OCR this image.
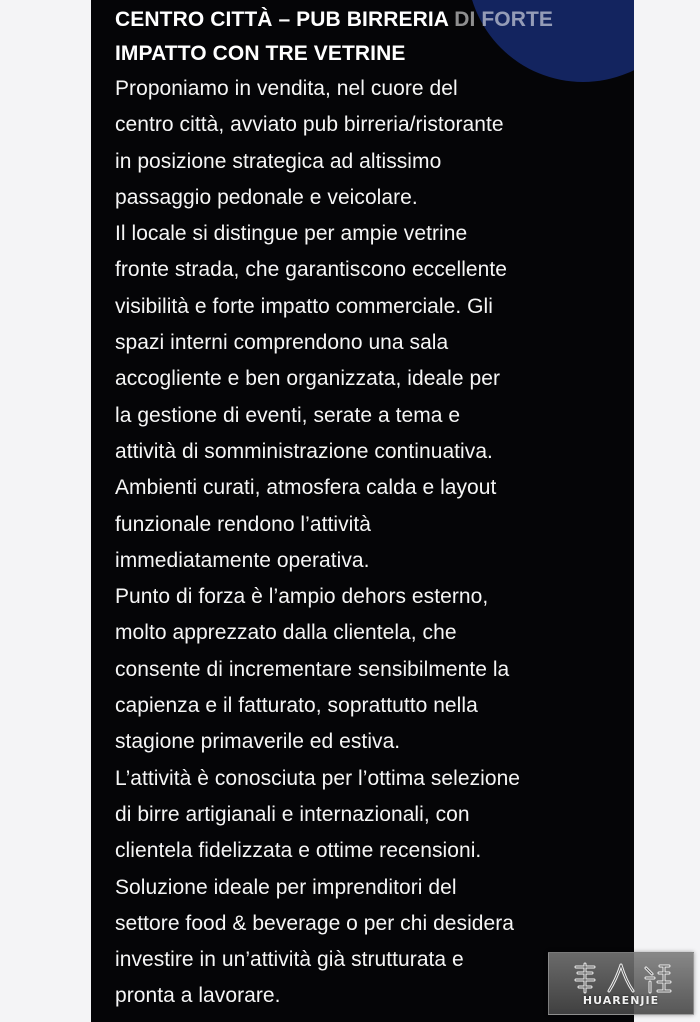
CENTRO CITTÀ – PUB BIRRERIA DI FORTE
IMPATTO CON TRE VETRINE

Proponiamo in vendita, nel cuore del
centro città, avviato pub birreria/ristorante
in posizione strategica ad altissimo
passaggio pedonale e veicolare.
Il locale si distingue per ampie vetrine
fronte strada, che garantiscono eccellente
visibilità e forte impatto commerciale. Gli
spazi interni comprendono una sala
accogliente e ben organizzata, ideale per
la gestione di eventi, serate a tema e
attività di somministrazione continuativa.
Ambienti curati, atmosfera calda e layout
funzionale rendono l’attività
immediatamente operativa.
Punto di forza è l’ampio dehors esterno,
molto apprezzato dalla clientela, che
consente di incrementare sensibilmente la
capienza e il fatturato, soprattutto nella
stagione primaverile ed estiva.
L’attività è conosciuta per l’ottima selezione
di birre artigianali e internazionali, con
clientela fidelizzata e ottime recensioni.
Soluzione ideale per imprenditori del
settore food & beverage o per chi desidera
investire in un’attività già strutturata e
pronta a lavorare.	HUARENJIE
